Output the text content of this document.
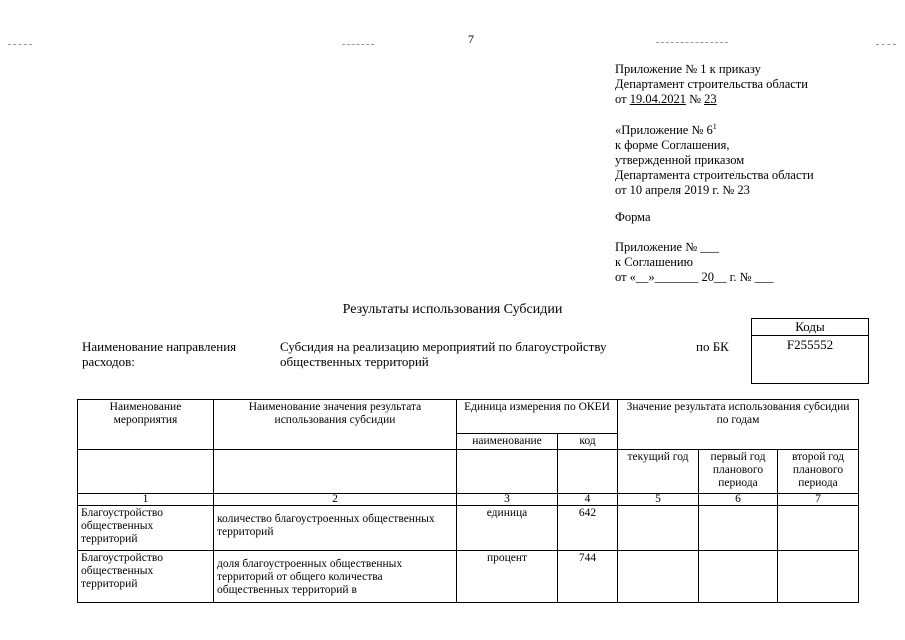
7
Приложение № 1 к приказу
Департамент строительства области
от 19.04.2021 № 23
«Приложение № $6^1$
к форме Соглашения,
утвержденной приказом
Департамента строительства области
от 10 апреля 2019 г. № 23
Форма
Приложение № ___
к Соглашению
от «__»_______ 20__ г. № ___
Результаты использования Субсидии
Наименование направления
расходов:
Субсидия на реализацию мероприятий по благоустройству
общественных территорий
по БК
Коды
F255552
Наименование мероприятия	Наименование значения результата использования субсидии	Единица измерения по ОКЕИ		Значение результата использования субсидии по годам		
		наименование	код			
				текущий год	первый год планового периода	второй год планового периода
1	2	3	4	5	6	7
Благоустройство общественных территорий	количество благоустроенных общественных территорий	единица	642			
Благоустройство общественных территорий	доля благоустроенных общественных территорий от общего количества общественных территорий в	процент	744			
